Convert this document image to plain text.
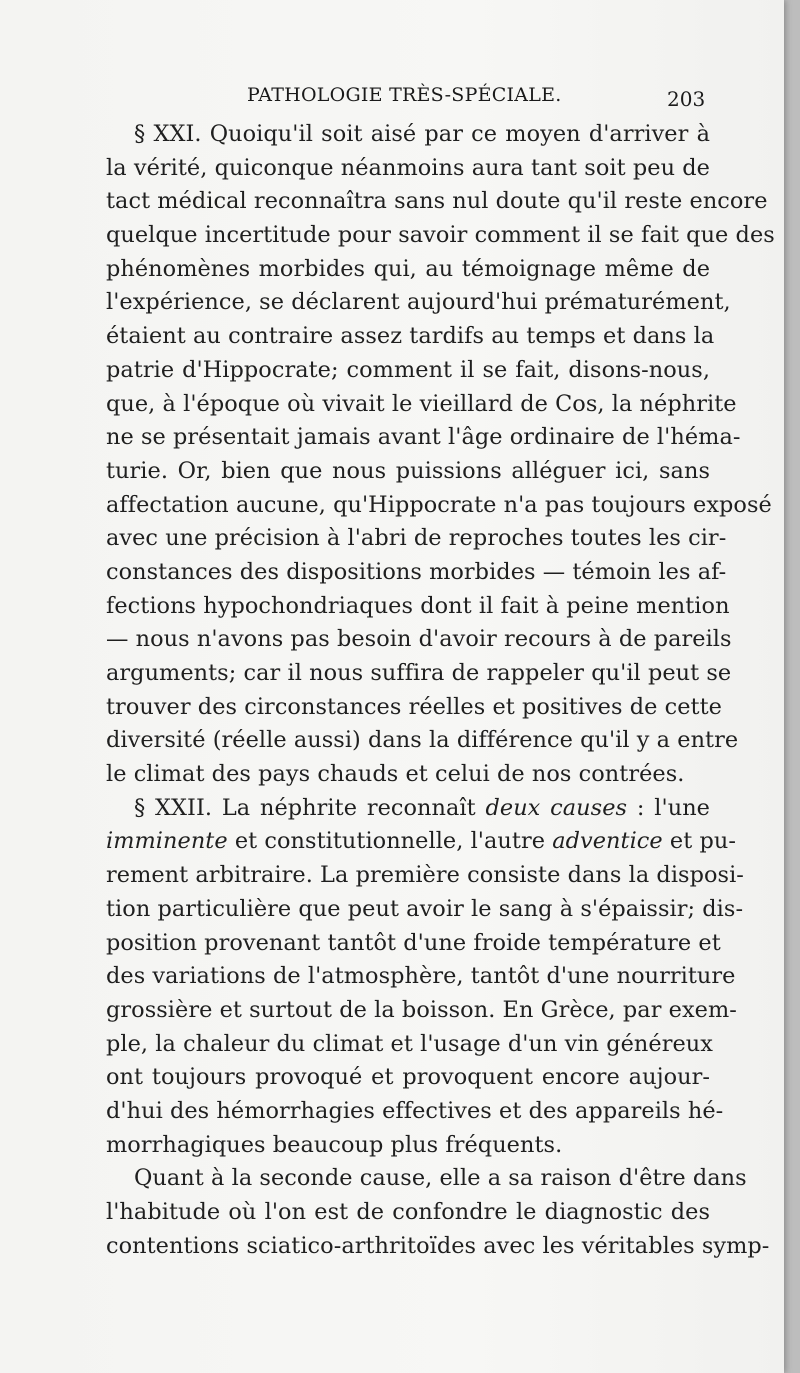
PATHOLOGIE TRÈS-SPÉCIALE.	203
§ XXI. Quoiqu'il soit aisé par ce moyen d'arriver à
la vérité, quiconque néanmoins aura tant soit peu de
tact médical reconnaîtra sans nul doute qu'il reste encore
quelque incertitude pour savoir comment il se fait que des
phénomènes morbides qui, au témoignage même de
l'expérience, se déclarent aujourd'hui prématurément,
étaient au contraire assez tardifs au temps et dans la
patrie d'Hippocrate; comment il se fait, disons-nous,
que, à l'époque où vivait le vieillard de Cos, la néphrite
ne se présentait jamais avant l'âge ordinaire de l'héma-
turie. Or, bien que nous puissions alléguer ici, sans
affectation aucune, qu'Hippocrate n'a pas toujours exposé
avec une précision à l'abri de reproches toutes les cir-
constances des dispositions morbides — témoin les af-
fections hypochondriaques dont il fait à peine mention
— nous n'avons pas besoin d'avoir recours à de pareils
arguments; car il nous suffira de rappeler qu'il peut se
trouver des circonstances réelles et positives de cette
diversité (réelle aussi) dans la différence qu'il y a entre
le climat des pays chauds et celui de nos contrées.
§ XXII. La néphrite reconnaît deux causes : l'une
imminente et constitutionnelle, l'autre adventice et pu-
rement arbitraire. La première consiste dans la disposi-
tion particulière que peut avoir le sang à s'épaissir; dis-
position provenant tantôt d'une froide température et
des variations de l'atmosphère, tantôt d'une nourriture
grossière et surtout de la boisson. En Grèce, par exem-
ple, la chaleur du climat et l'usage d'un vin généreux
ont toujours provoqué et provoquent encore aujour-
d'hui des hémorrhagies effectives et des appareils hé-
morrhagiques beaucoup plus fréquents.
Quant à la seconde cause, elle a sa raison d'être dans
l'habitude où l'on est de confondre le diagnostic des
contentions sciatico-arthritoïdes avec les véritables symp-
